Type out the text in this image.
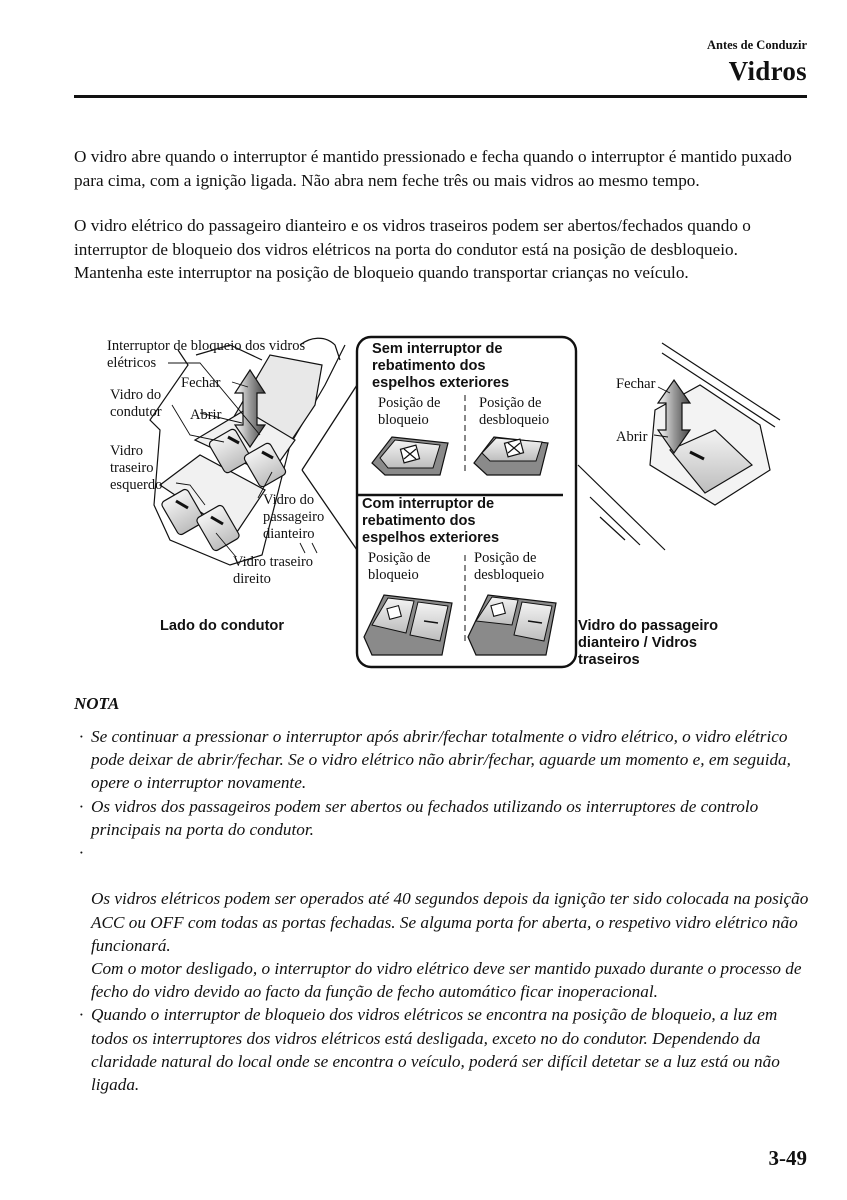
Antes de Conduzir
Vidros
O vidro abre quando o interruptor é mantido pressionado e fecha quando o interruptor é mantido puxado para cima, com a ignição ligada. Não abra nem feche três ou mais vidros ao mesmo tempo.
O vidro elétrico do passageiro dianteiro e os vidros traseiros podem ser abertos/fechados quando o interruptor de bloqueio dos vidros elétricos na porta do condutor está na posição de desbloqueio. Mantenha este interruptor na posição de bloqueio quando transportar crianças no veículo.
Interruptor de bloqueio dos vidros elétricos
Fechar
Abrir
Vidro do condutor
Vidro traseiro esquerdo
Vidro do passageiro dianteiro
Vidro traseiro direito
Lado do condutor
Sem interruptor de rebatimento dos espelhos exteriores
Posição de bloqueio
Posição de desbloqueio
Com interruptor de rebatimento dos espelhos exteriores
Posição de bloqueio
Posição de desbloqueio
Fechar
Abrir
Vidro do passageiro dianteiro / Vidros traseiros
NOTA
· Se continuar a pressionar o interruptor após abrir/fechar totalmente o vidro elétrico, o vidro elétrico pode deixar de abrir/fechar. Se o vidro elétrico não abrir/fechar, aguarde um momento e, em seguida, opere o interruptor novamente.
· Os vidros dos passageiros podem ser abertos ou fechados utilizando os interruptores de controlo principais na porta do condutor.

·

Os vidros elétricos podem ser operados até 40 segundos depois da ignição ter sido colocada na posição ACC ou OFF com todas as portas fechadas. Se alguma porta for aberta, o respetivo vidro elétrico não funcionará.
Com o motor desligado, o interruptor do vidro elétrico deve ser mantido puxado durante o processo de fecho do vidro devido ao facto da função de fecho automático ficar inoperacional.

· Quando o interruptor de bloqueio dos vidros elétricos se encontra na posição de bloqueio, a luz em todos os interruptores dos vidros elétricos está desligada, exceto no do condutor. Dependendo da claridade natural do local onde se encontra o veículo, poderá ser difícil detetar se a luz está ou não ligada.
3-49
